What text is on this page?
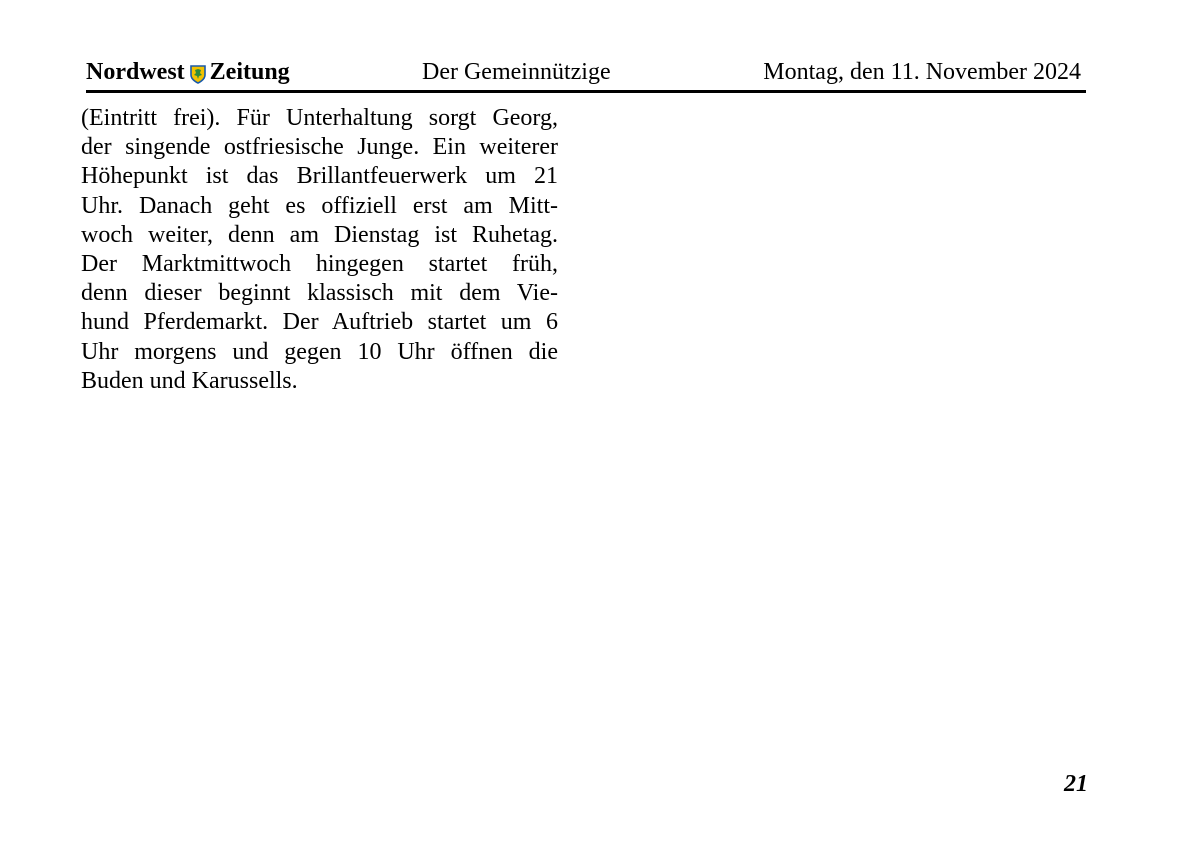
Nordwest Zeitung	Der Gemeinnützige	Montag, den 11. November 2024
(Eintritt frei). Für Unterhaltung sorgt Georg,
der singende ostfriesische Junge. Ein weiterer
Höhepunkt ist das Brillantfeuerwerk um 21
Uhr. Danach geht es offiziell erst am Mitt-
woch weiter, denn am Dienstag ist Ruhetag.
Der Marktmittwoch hingegen startet früh,
denn dieser beginnt klassisch mit dem Vie-
hund Pferdemarkt. Der Auftrieb startet um 6
Uhr morgens und gegen 10 Uhr öffnen die
Buden und Karussells.
21
